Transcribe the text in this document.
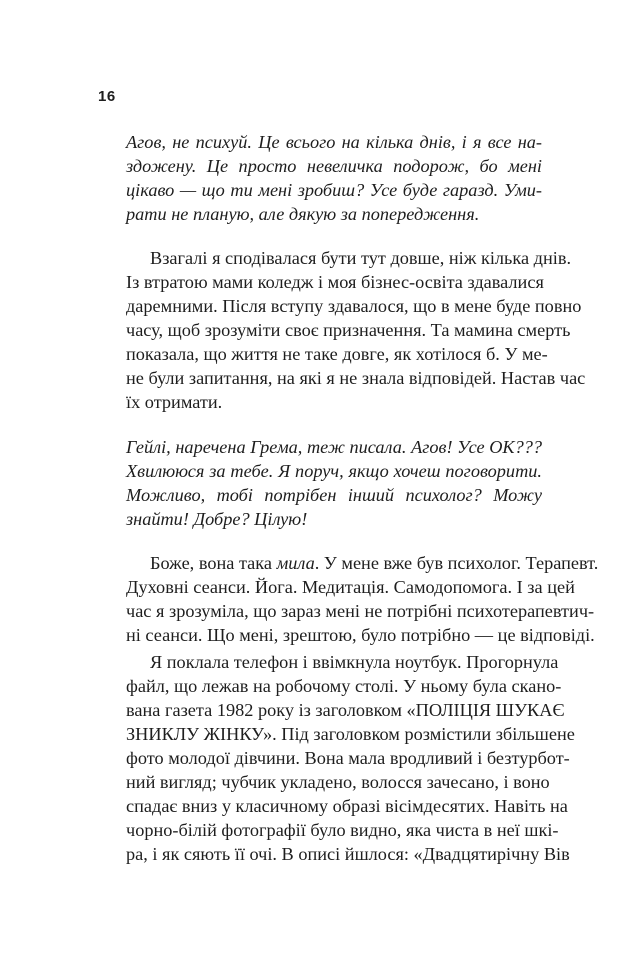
16
Агов, не психуй. Це всього на кілька днів, і я все на-
здожену. Це просто невеличка подорож, бо мені
цікаво — що ти мені зробиш? Усе буде гаразд. Уми-
рати не планую, але дякую за попередження.
Взагалі я сподівалася бути тут довше, ніж кілька днів.
Із втратою мами коледж і моя бізнес-освіта здавалися
даремними. Після вступу здавалося, що в мене буде повно
часу, щоб зрозуміти своє призначення. Та мамина смерть
показала, що життя не таке довге, як хотілося б. У ме-
не були запитання, на які я не знала відповідей. Настав час
їх отримати.
Гейлі, наречена Грема, теж писала. Агов! Усе ОК???
Хвилююся за тебе. Я поруч, якщо хочеш поговорити.
Можливо, тобі потрібен інший психолог? Можу
знайти! Добре? Цілую!
Боже, вона така мила. У мене вже був психолог. Терапевт.
Духовні сеанси. Йога. Медитація. Самодопомога. І за цей
час я зрозуміла, що зараз мені не потрібні психотерапевтич-
ні сеанси. Що мені, зрештою, було потрібно — це відповіді.
Я поклала телефон і ввімкнула ноутбук. Прогорнула
файл, що лежав на робочому столі. У ньому була скано-
вана газета 1982 року із заголовком «ПОЛІЦІЯ ШУКАЄ
ЗНИКЛУ ЖІНКУ». Під заголовком розмістили збільшене
фото молодої дівчини. Вона мала вродливий і безтурбот-
ний вигляд; чубчик укладено, волосся зачесано, і воно
спадає вниз у класичному образі вісімдесятих. Навіть на
чорно-білій фотографії було видно, яка чиста в неї шкі-
ра, і як сяють її очі. В описі йшлося: «Двадцятирічну Вів
